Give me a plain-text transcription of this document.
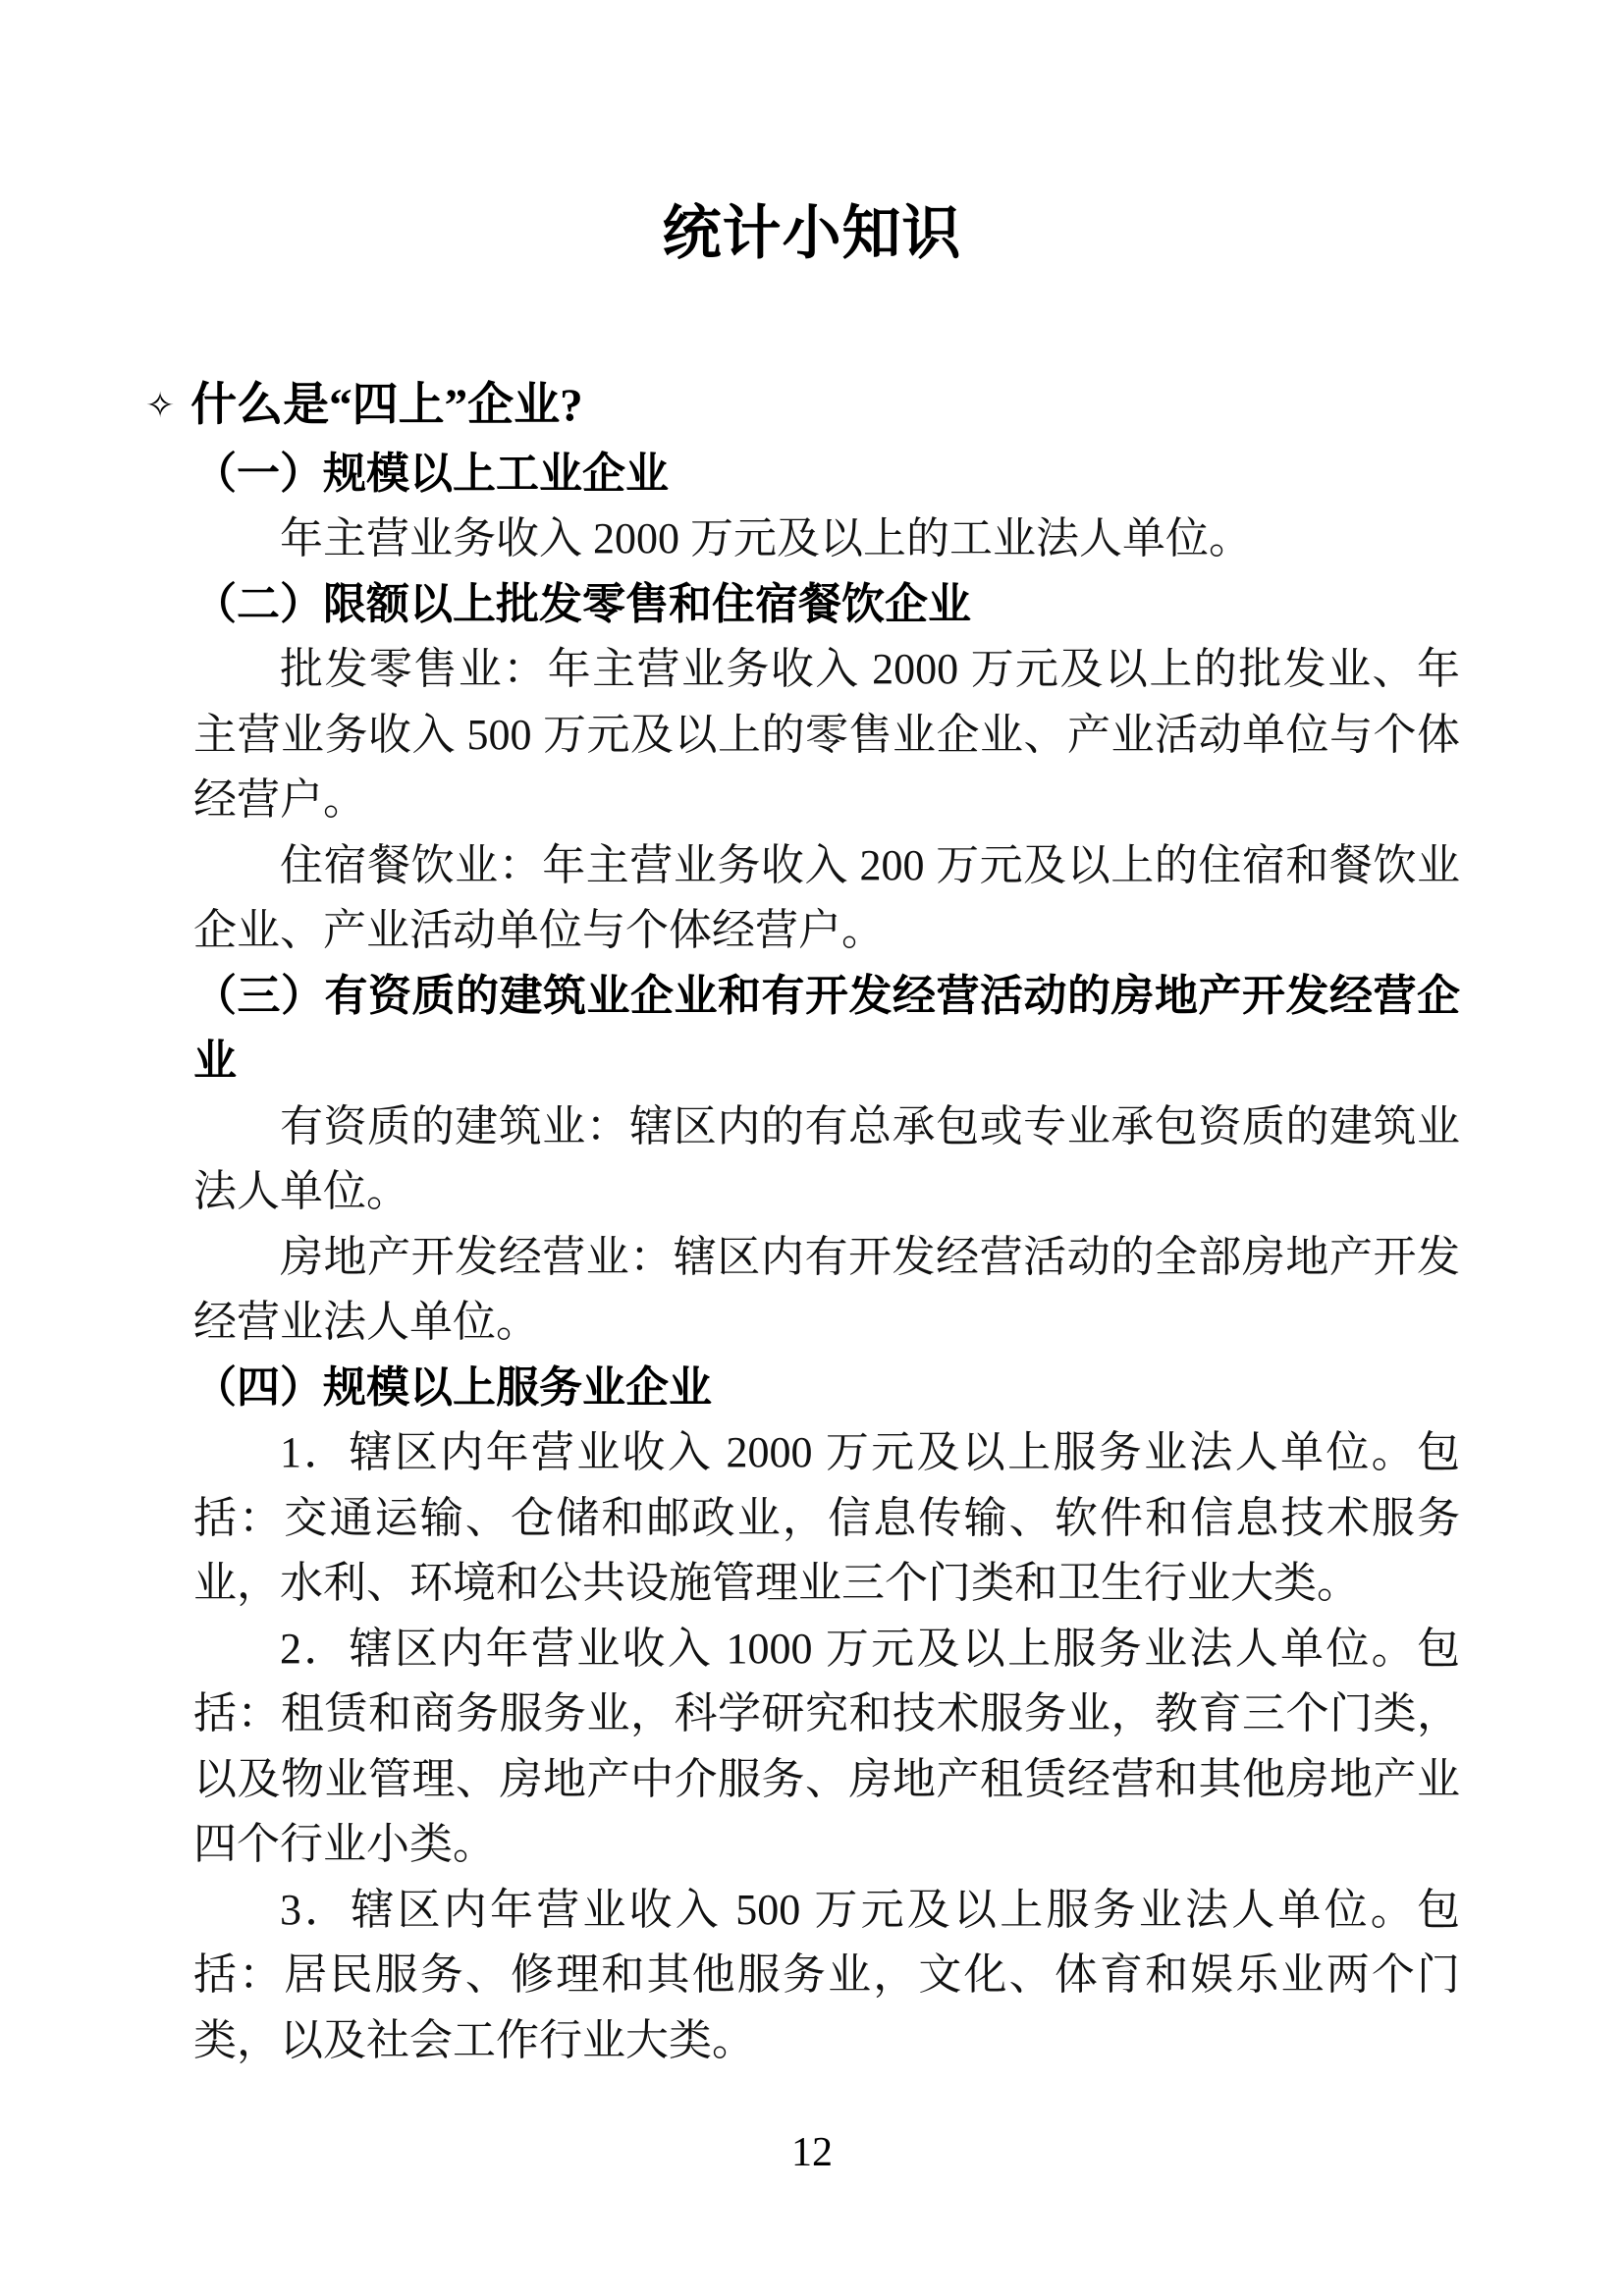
统计小知识
✧ 什么是“四上”企业?
（一）规模以上工业企业

年主营业务收入 2000 万元及以上的工业法人单位。

（二）限额以上批发零售和住宿餐饮企业

批发零售业：年主营业务收入 2000 万元及以上的批发业、年主营业务收入 500 万元及以上的零售业企业、产业活动单位与个体经营户。

住宿餐饮业：年主营业务收入 200 万元及以上的住宿和餐饮业企业、产业活动单位与个体经营户。

（三）有资质的建筑业企业和有开发经营活动的房地产开发经营企业

有资质的建筑业：辖区内的有总承包或专业承包资质的建筑业法人单位。

房地产开发经营业：辖区内有开发经营活动的全部房地产开发经营业法人单位。

（四）规模以上服务业企业

1．辖区内年营业收入 2000 万元及以上服务业法人单位。包括：交通运输、仓储和邮政业，信息传输、软件和信息技术服务业，水利、环境和公共设施管理业三个门类和卫生行业大类。

2．辖区内年营业收入 1000 万元及以上服务业法人单位。包括：租赁和商务服务业，科学研究和技术服务业，教育三个门类，以及物业管理、房地产中介服务、房地产租赁经营和其他房地产业四个行业小类。

3．辖区内年营业收入 500 万元及以上服务业法人单位。包括：居民服务、修理和其他服务业，文化、体育和娱乐业两个门类，以及社会工作行业大类。

12
